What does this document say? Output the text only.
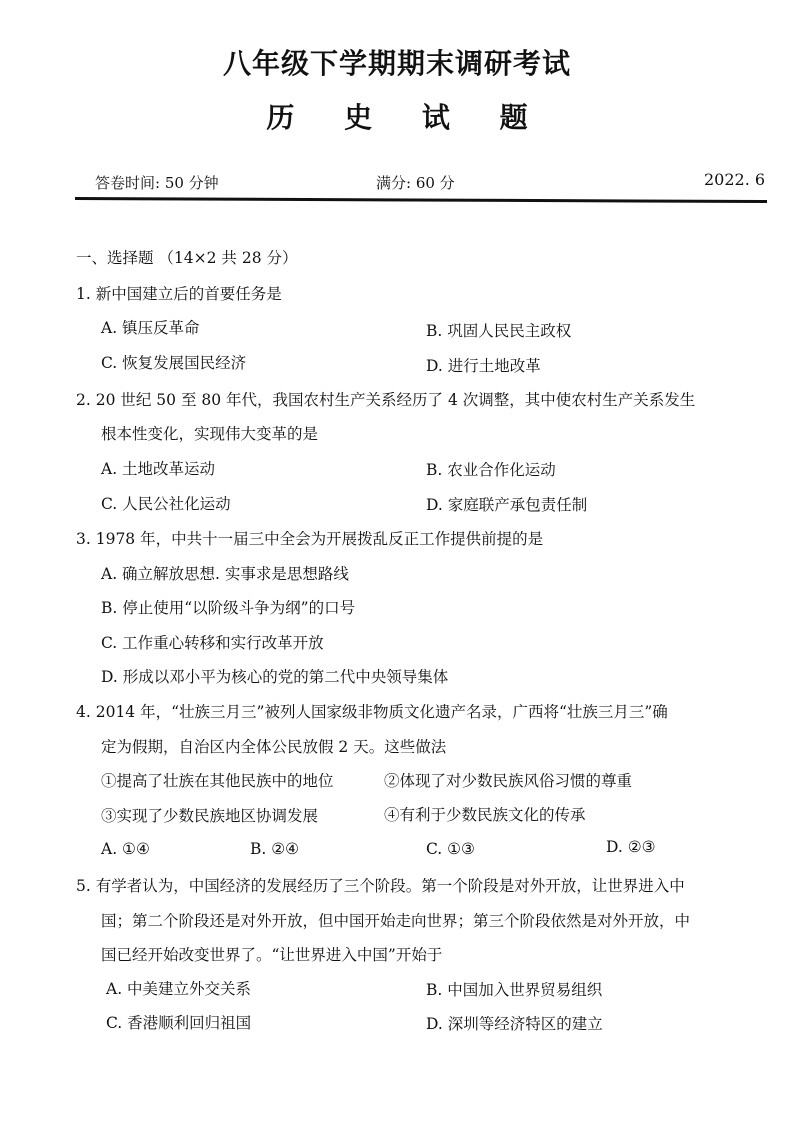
八年级下学期期末调研考试
历 史 试 题
答卷时间: 50 分钟	满分: 60 分	2022. 6
一、选择题 （14×2 共 28 分）
1. 新中国建立后的首要任务是
A. 镇压反革命	B. 巩固人民民主政权
C. 恢复发展国民经济	D. 进行土地改革
2. 20 世纪 50 至 80 年代，我国农村生产关系经历了 4 次调整，其中使农村生产关系发生
根本性变化，实现伟大变革的是
A. 土地改革运动	B. 农业合作化运动
C. 人民公社化运动	D. 家庭联产承包责任制
3. 1978 年，中共十一届三中全会为开展拨乱反正工作提供前提的是
A. 确立解放思想. 实事求是思想路线
B. 停止使用“以阶级斗争为纲”的口号
C. 工作重心转移和实行改革开放
D. 形成以邓小平为核心的党的第二代中央领导集体
4. 2014 年，“壮族三月三”被列人国家级非物质文化遗产名录，广西将“壮族三月三”确
定为假期，自治区内全体公民放假 2 天。这些做法
①提高了壮族在其他民族中的地位	②体现了对少数民族风俗习惯的尊重
③实现了少数民族地区协调发展	④有利于少数民族文化的传承
A. ①④	B. ②④	C. ①③	D. ②③
5. 有学者认为，中国经济的发展经历了三个阶段。第一个阶段是对外开放，让世界进入中
国；第二个阶段还是对外开放，但中国开始走向世界；第三个阶段依然是对外开放，中
国已经开始改变世界了。“让世界进入中国”开始于
A. 中美建立外交关系	B. 中国加入世界贸易组织
C. 香港顺利回归祖国	D. 深圳等经济特区的建立
